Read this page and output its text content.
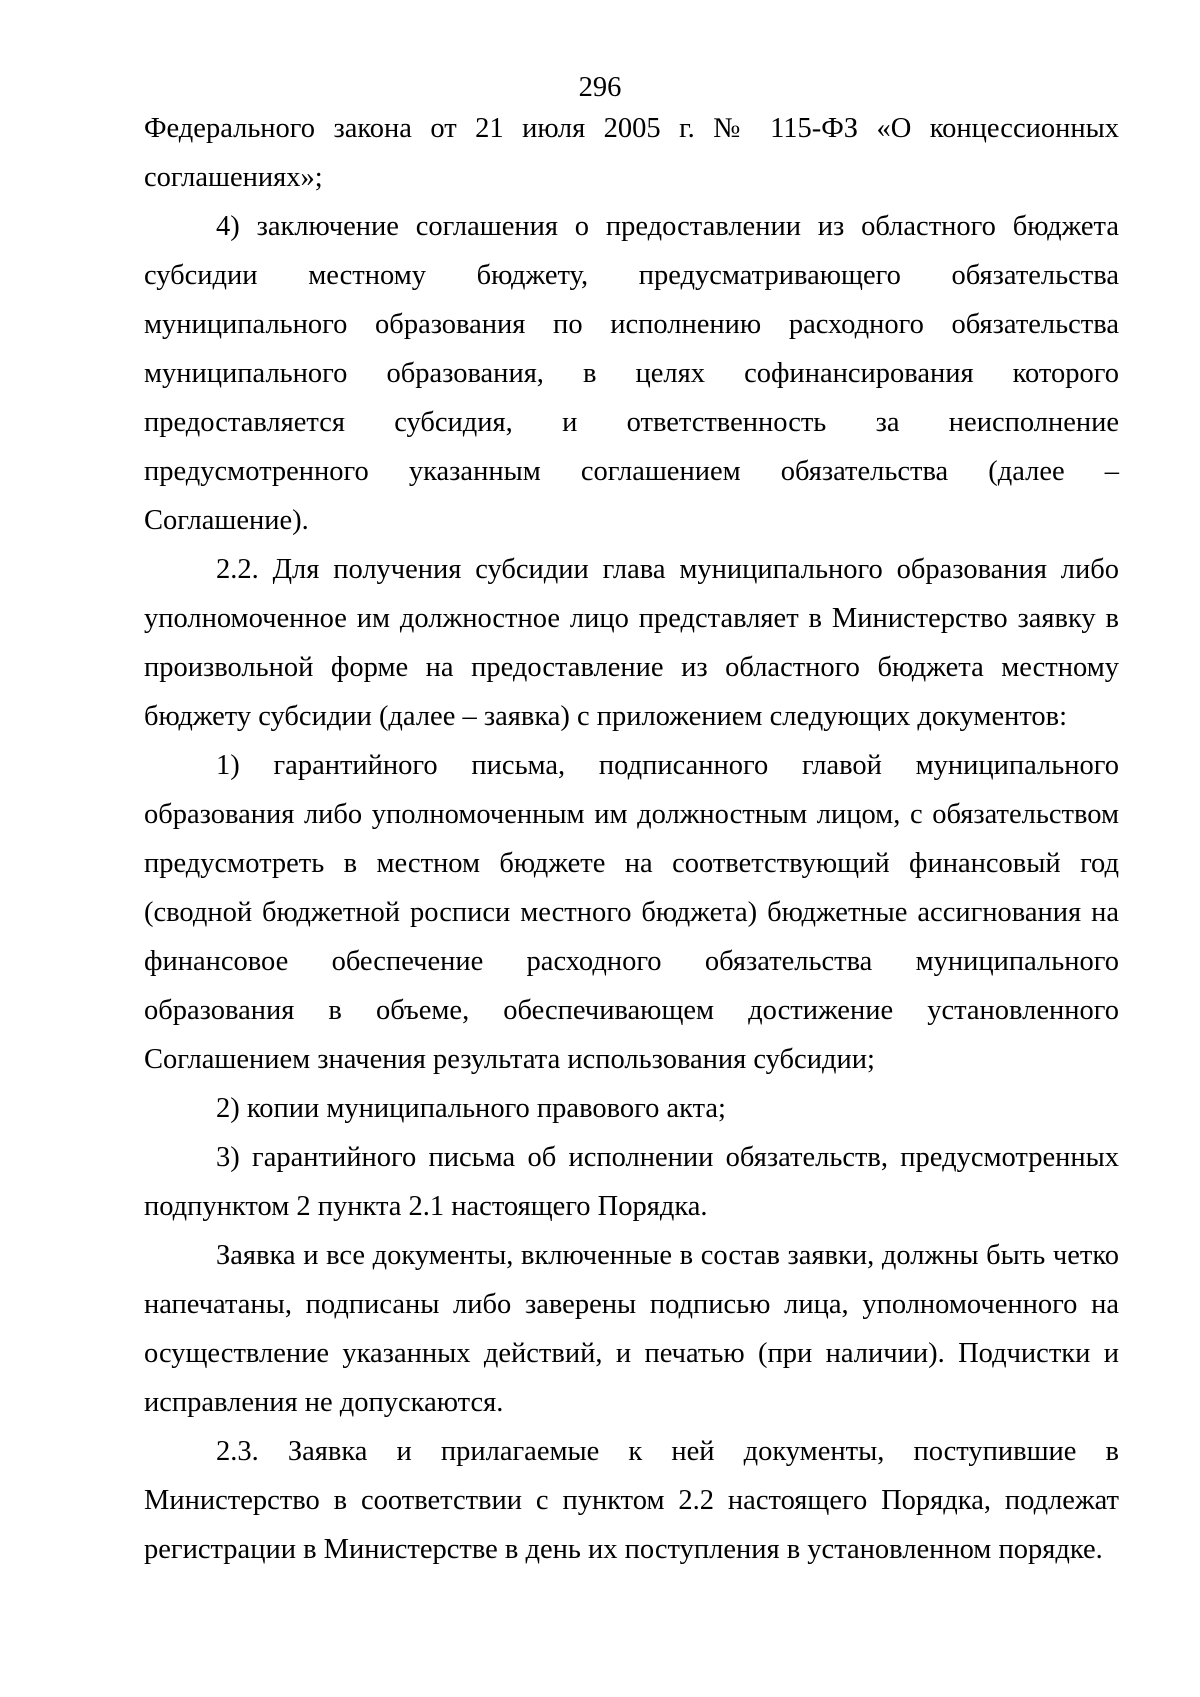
296

Федерального закона от 21 июля 2005 г. № 115-ФЗ «О концессионных соглашениях»;

4) заключение соглашения о предоставлении из областного бюджета субсидии местному бюджету, предусматривающего обязательства муниципального образования по исполнению расходного обязательства муниципального образования, в целях софинансирования которого предоставляется субсидия, и ответственность за неисполнение предусмотренного указанным соглашением обязательства (далее – Соглашение).

2.2. Для получения субсидии глава муниципального образования либо уполномоченное им должностное лицо представляет в Министерство заявку в произвольной форме на предоставление из областного бюджета местному бюджету субсидии (далее – заявка) с приложением следующих документов:

1) гарантийного письма, подписанного главой муниципального образования либо уполномоченным им должностным лицом, с обязательством предусмотреть в местном бюджете на соответствующий финансовый год (сводной бюджетной росписи местного бюджета) бюджетные ассигнования на финансовое обеспечение расходного обязательства муниципального образования в объеме, обеспечивающем достижение установленного Соглашением значения результата использования субсидии;

2) копии муниципального правового акта;

3) гарантийного письма об исполнении обязательств, предусмотренных подпунктом 2 пункта 2.1 настоящего Порядка.

Заявка и все документы, включенные в состав заявки, должны быть четко напечатаны, подписаны либо заверены подписью лица, уполномоченного на осуществление указанных действий, и печатью (при наличии). Подчистки и исправления не допускаются.

2.3. Заявка и прилагаемые к ней документы, поступившие в Министерство в соответствии с пунктом 2.2 настоящего Порядка, подлежат регистрации в Министерстве в день их поступления в установленном порядке.
